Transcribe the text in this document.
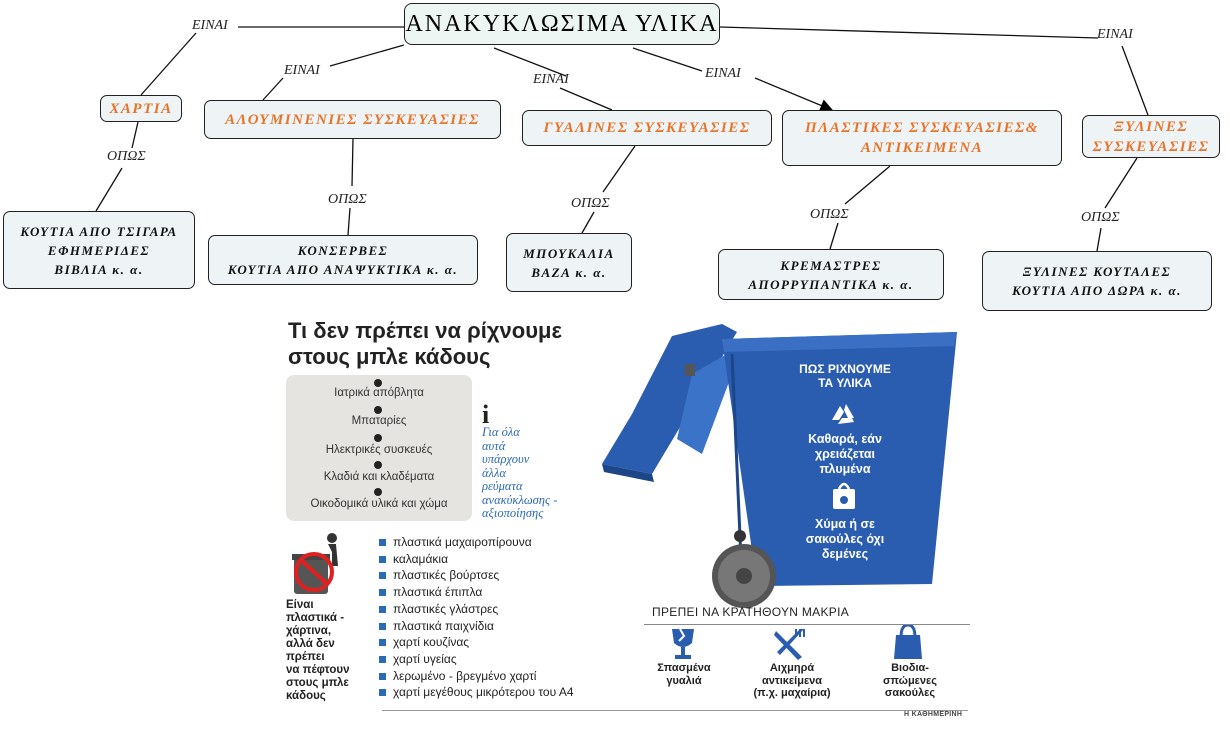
ΑΝΑΚΥΚΛΩΣΙΜΑ ΥΛΙΚΑ
ΕΙΝΑΙ
ΕΙΝΑΙ
ΕΙΝΑΙ	ΕΙΝΑΙ
ΕΙΝΑΙ
ΧΑΡΤΙΑ
ΑΛΟΥΜΙΝΕΝΙΕΣ ΣΥΣΚΕΥΑΣΙΕΣ
ΓΥΑΛΙΝΕΣ ΣΥΣΚΕΥΑΣΙΕΣ	ΠΛΑΣΤΙΚΕΣ ΣΥΣΚΕΥΑΣΙΕΣ&
ΑΝΤΙΚΕΙΜΕΝΑ
ΞΥΛΙΝΕΣ
ΣΥΣΚΕΥΑΣΙΕΣ
ΟΠΩΣ
ΟΠΩΣ	ΟΠΩΣ
ΟΠΩΣ	ΟΠΩΣ
ΚΟΥΤΙΑ ΑΠΟ ΤΣΙΓΑΡΑ
ΕΦΗΜΕΡΙΔΕΣ
ΒΙΒΛΙΑ κ. α.
ΚΟΝΣΕΡΒΕΣ
ΚΟΥΤΙΑ ΑΠΟ ΑΝΑΨΥΚΤΙΚΑ κ. α.
ΜΠΟΥΚΑΛΙΑ
ΒΑΖΑ κ. α.	ΚΡΕΜΑΣΤΡΕΣ
ΑΠΟΡΡΥΠΑΝΤΙΚΑ κ. α.
ΞΥΛΙΝΕΣ ΚΟΥΤΑΛΕΣ
ΚΟΥΤΙΑ ΑΠΟ ΔΩΡΑ κ. α.
Τι δεν πρέπει να ρίχνουμε
στους μπλε κάδους
Ιατρικά απόβλητα
Μπαταρίες
Ηλεκτρικές συσκευές
Κλαδιά και κλαδέματα
Οικοδομικά υλικά και χώμα
i
Για όλα
αυτά
υπάρχουν
άλλα
ρεύματα
ανακύκλωσης -
αξιοποίησης
ΠΩΣ ΡΙΧΝΟΥΜΕ
ΤΑ ΥΛΙΚΑ
Καθαρά, εάν
χρειάζεται
πλυμένα
Χύμα ή σε
σακούλες όχι
δεμένες
Είναι
πλαστικά -
χάρτινα,
αλλά δεν
πρέπει
να πέφτουν
στους μπλε
κάδους
πλαστικά μαχαιροπίρουνα
καλαμάκια
πλαστικές βούρτσες
πλαστικά έπιπλα
πλαστικές γλάστρες
πλαστικά παιχνίδια
χαρτί κουζίνας
χαρτί υγείας
λερωμένο - βρεγμένο χαρτί
χαρτί μεγέθους μικρότερου του Α4
ΠΡΕΠΕΙ ΝΑ ΚΡΑΤΗΘΟΥΝ ΜΑΚΡΙΑ
Σπασμένα
γυαλιά
Αιχμηρά
αντικείμενα
(π.χ. μαχαίρια)
Βιοδια-
σπώμενες
σακούλες
Η ΚΑΘΗΜΕΡΙΝΗ
